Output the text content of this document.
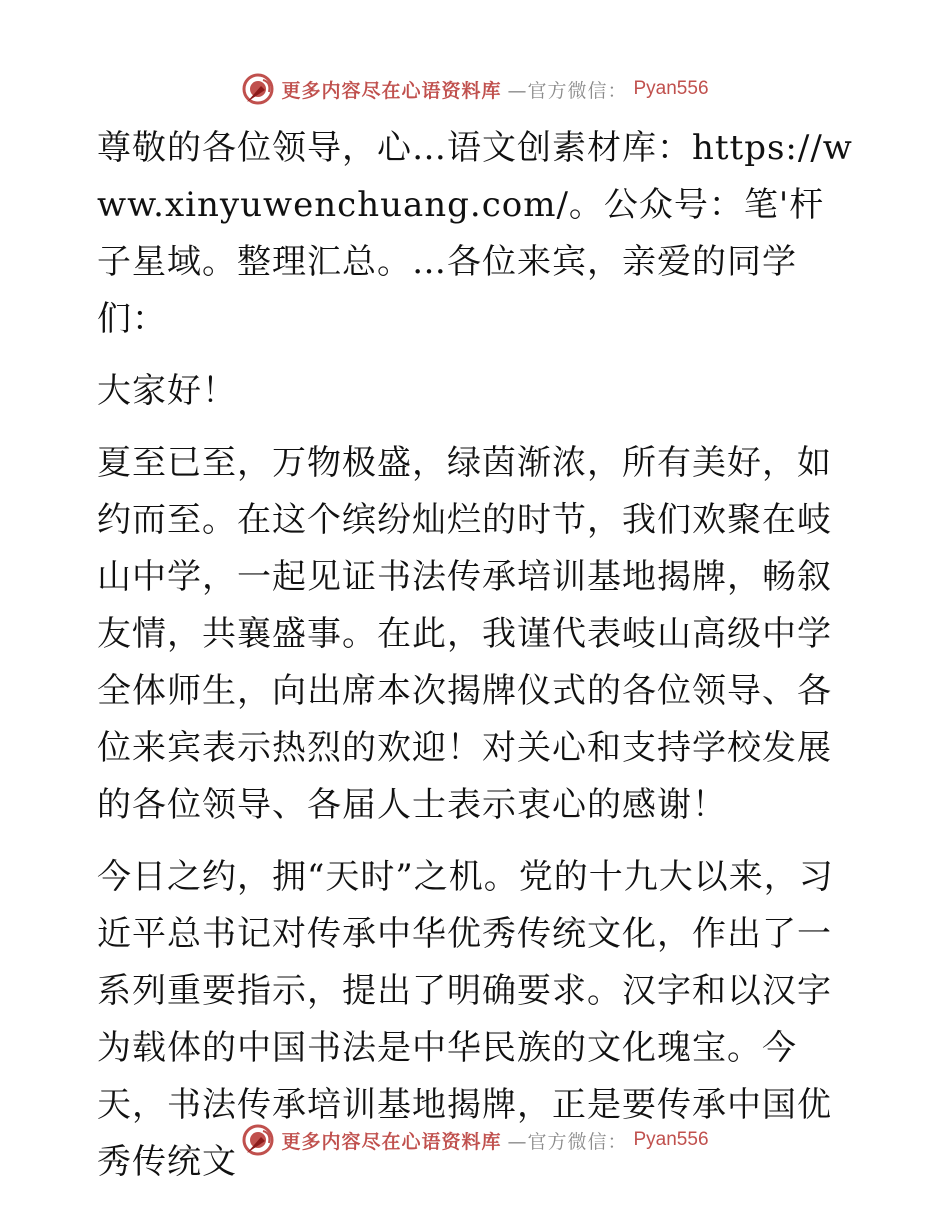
更多内容尽在心语资料库 —官方微信： Pyan556

尊敬的各位领导，心…语文创素材库：https://www.xinyuwenchuang.com/。公众号：笔'杆子星域。整理汇总。…各位来宾，亲爱的同学们：

大家好！

夏至已至，万物极盛，绿茵渐浓，所有美好，如约而至。在这个缤纷灿烂的时节，我们欢聚在岐山中学，一起见证书法传承培训基地揭牌，畅叙友情，共襄盛事。在此，我谨代表岐山高级中学全体师生，向出席本次揭牌仪式的各位领导、各位来宾表示热烈的欢迎！对关心和支持学校发展的各位领导、各届人士表示衷心的感谢！

今日之约，拥“天时”之机。党的十九大以来，习近平总书记对传承中华优秀传统文化，作出了一系列重要指示，提出了明确要求。汉字和以汉字为载体的中国书法是中华民族的文化瑰宝。今天，书法传承培训基地揭牌，正是要传承中国优秀传统文

更多内容尽在心语资料库 —官方微信： Pyan556
